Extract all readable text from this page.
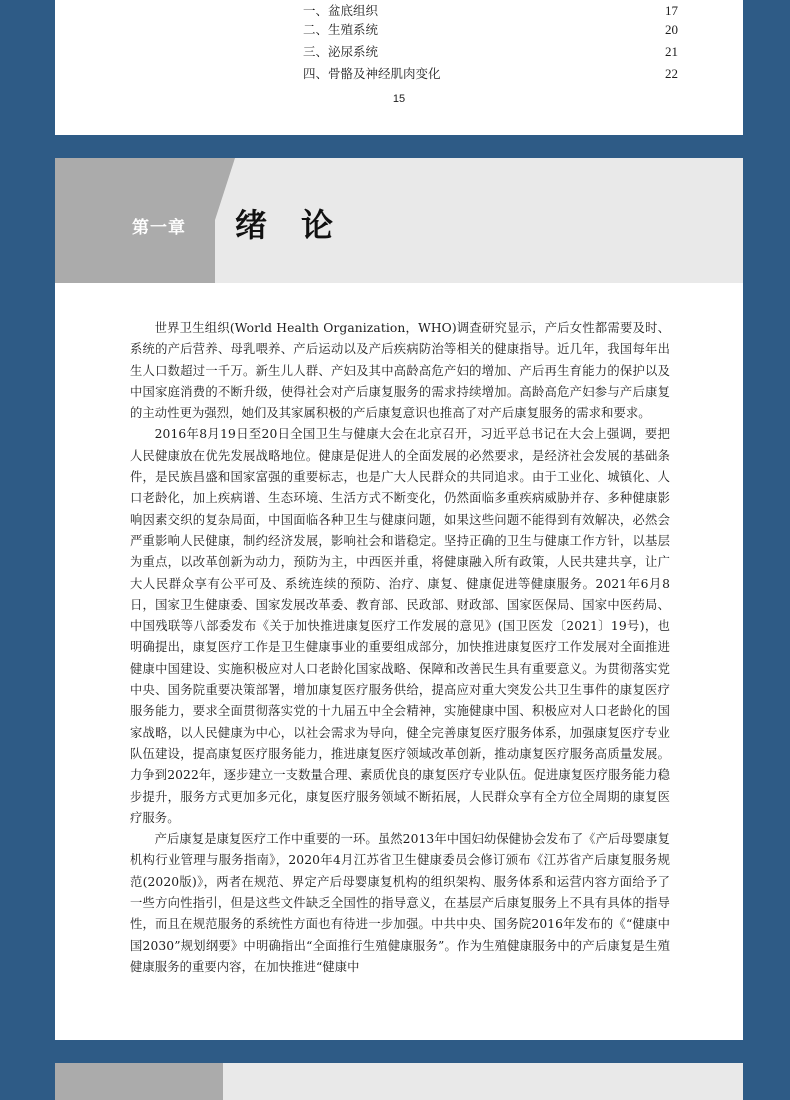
一、盆底组织	17
二、生殖系统	20
三、泌尿系统	21
四、骨骼及神经肌肉变化	22
15
第一章 绪论

世界卫生组织(World Health Organization，WHO)调查研究显示，产后女性都需要及时、系统的产后营养、母乳喂养、产后运动以及产后疾病防治等相关的健康指导。近几年，我国每年出生人口数超过一千万。新生儿人群、产妇及其中高龄高危产妇的增加、产后再生育能力的保护以及中国家庭消费的不断升级，使得社会对产后康复服务的需求持续增加。高龄高危产妇参与产后康复的主动性更为强烈，她们及其家属积极的产后康复意识也推高了对产后康复服务的需求和要求。

2016年8月19日至20日全国卫生与健康大会在北京召开，习近平总书记在大会上强调，要把人民健康放在优先发展战略地位。健康是促进人的全面发展的必然要求，是经济社会发展的基础条件，是民族昌盛和国家富强的重要标志，也是广大人民群众的共同追求。由于工业化、城镇化、人口老龄化，加上疾病谱、生态环境、生活方式不断变化，仍然面临多重疾病威胁并存、多种健康影响因素交织的复杂局面，中国面临各种卫生与健康问题，如果这些问题不能得到有效解决，必然会严重影响人民健康，制约经济发展，影响社会和谐稳定。坚持正确的卫生与健康工作方针，以基层为重点，以改革创新为动力，预防为主，中西医并重，将健康融入所有政策，人民共建共享，让广大人民群众享有公平可及、系统连续的预防、治疗、康复、健康促进等健康服务。2021年6月8日，国家卫生健康委、国家发展改革委、教育部、民政部、财政部、国家医保局、国家中医药局、中国残联等八部委发布《关于加快推进康复医疗工作发展的意见》(国卫医发〔2021〕19号)，也明确提出，康复医疗工作是卫生健康事业的重要组成部分，加快推进康复医疗工作发展对全面推进健康中国建设、实施积极应对人口老龄化国家战略、保障和改善民生具有重要意义。为贯彻落实党中央、国务院重要决策部署，增加康复医疗服务供给，提高应对重大突发公共卫生事件的康复医疗服务能力，要求全面贯彻落实党的十九届五中全会精神，实施健康中国、积极应对人口老龄化的国家战略，以人民健康为中心，以社会需求为导向，健全完善康复医疗服务体系，加强康复医疗专业队伍建设，提高康复医疗服务能力，推进康复医疗领域改革创新，推动康复医疗服务高质量发展。力争到2022年，逐步建立一支数量合理、素质优良的康复医疗专业队伍。促进康复医疗服务能力稳步提升，服务方式更加多元化，康复医疗服务领域不断拓展，人民群众享有全方位全周期的康复医疗服务。

产后康复是康复医疗工作中重要的一环。虽然2013年中国妇幼保健协会发布了《产后母婴康复机构行业管理与服务指南》，2020年4月江苏省卫生健康委员会修订颁布《江苏省产后康复服务规范(2020版)》，两者在规范、界定产后母婴康复机构的组织架构、服务体系和运营内容方面给予了一些方向性指引，但是这些文件缺乏全国性的指导意义，在基层产后康复服务上不具有具体的指导性，而且在规范服务的系统性方面也有待进一步加强。中共中央、国务院2016年发布的《“健康中国2030”规划纲要》中明确指出“全面推行生殖健康服务”。作为生殖健康服务中的产后康复是生殖健康服务的重要内容，在加快推进“健康中
